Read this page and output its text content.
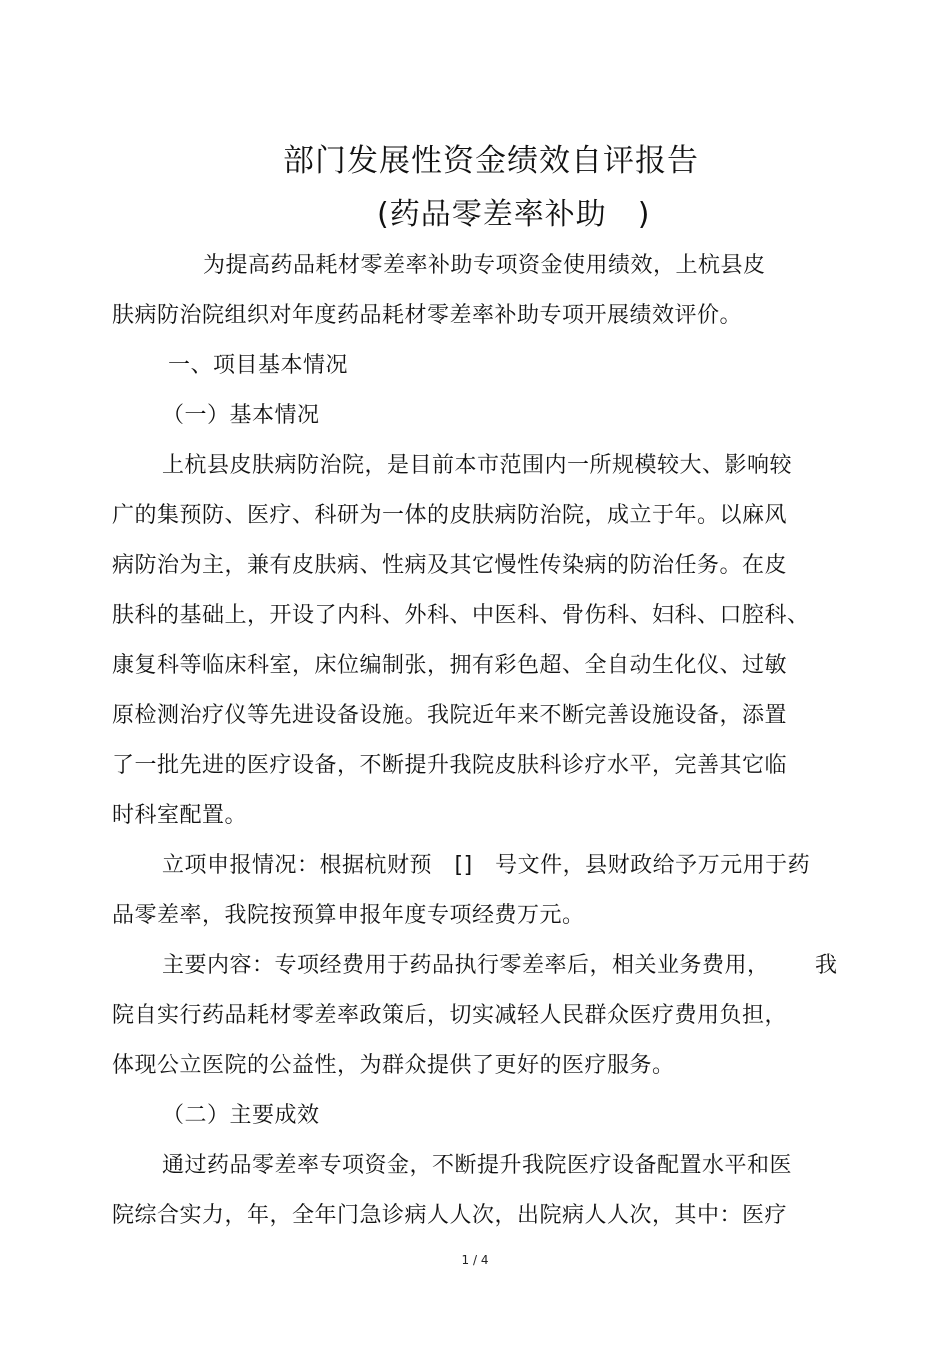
部门发展性资金绩效自评报告
(药品零差率补助　)
为提高药品耗材零差率补助专项资金使用绩效，上杭县皮
肤病防治院组织对年度药品耗材零差率补助专项开展绩效评价。
一、项目基本情况
（一）基本情况
上杭县皮肤病防治院，是目前本市范围内一所规模较大、影响较
广的集预防、医疗、科研为一体的皮肤病防治院，成立于年。以麻风
病防治为主，兼有皮肤病、性病及其它慢性传染病的防治任务。在皮
肤科的基础上，开设了内科、外科、中医科、骨伤科、妇科、口腔科、
康复科等临床科室，床位编制张，拥有彩色超、全自动生化仪、过敏
原检测治疗仪等先进设备设施。我院近年来不断完善设施设备，添置
了一批先进的医疗设备，不断提升我院皮肤科诊疗水平，完善其它临
时科室配置。
立项申报情况：根据杭财预　[]　号文件，县财政给予万元用于药
品零差率，我院按预算申报年度专项经费万元。
主要内容：专项经费用于药品执行零差率后，相关业务费用， 我
院自实行药品耗材零差率政策后，切实减轻人民群众医疗费用负担，
体现公立医院的公益性，为群众提供了更好的医疗服务。
（二）主要成效
通过药品零差率专项资金，不断提升我院医疗设备配置水平和医
院综合实力，年，全年门急诊病人人次，出院病人人次，其中：医疗
1 / 4
